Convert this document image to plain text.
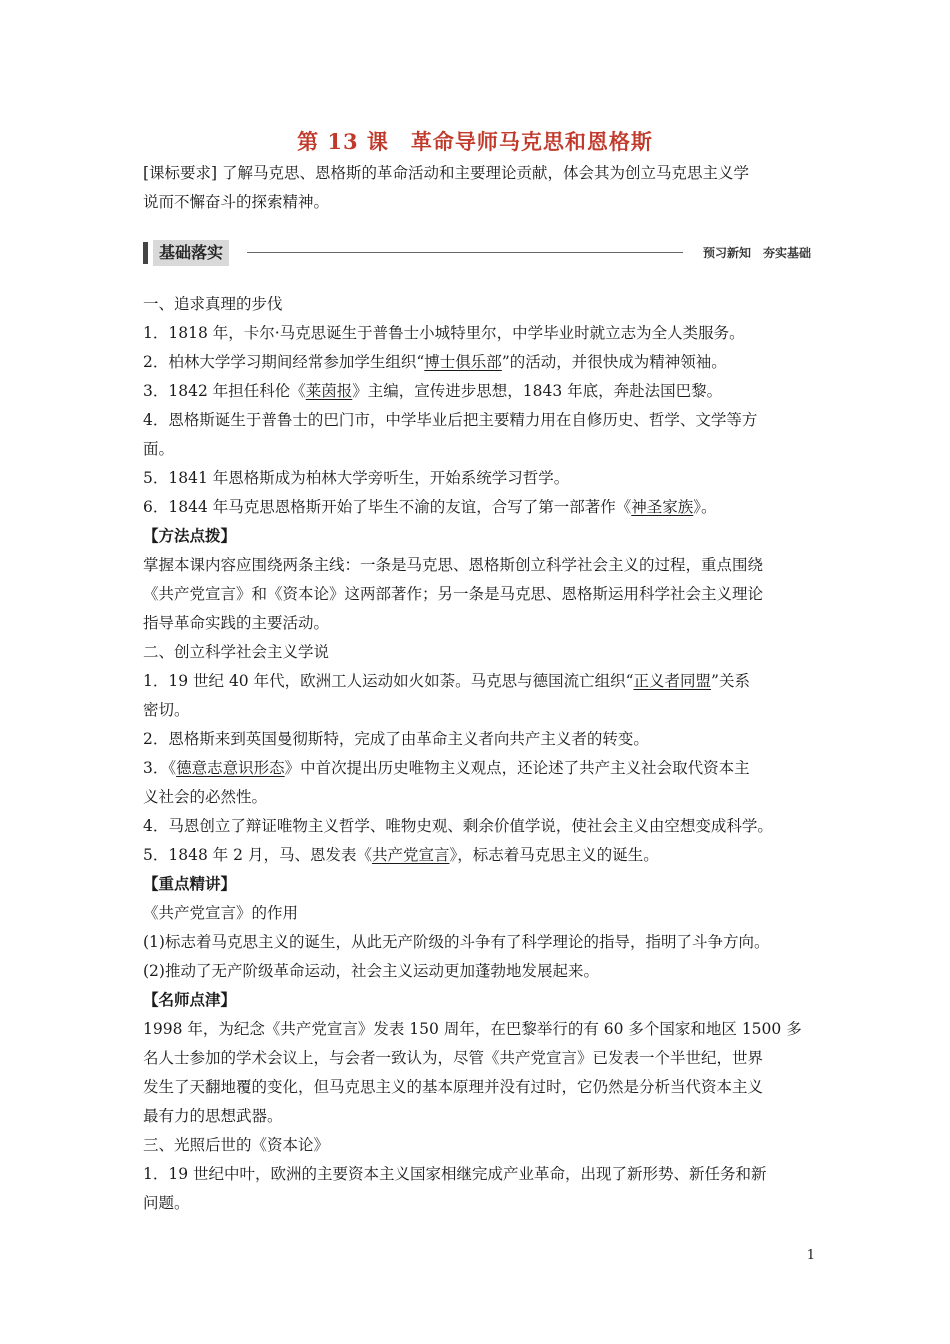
第 13 课　革命导师马克思和恩格斯
[课标要求] 了解马克思、恩格斯的革命活动和主要理论贡献，体会其为创立马克思主义学
说而不懈奋斗的探索精神。
基础落实	预习新知　夯实基础
一、追求真理的步伐
1．1818 年，卡尔·马克思诞生于普鲁士小城特里尔，中学毕业时就立志为全人类服务。
2．柏林大学学习期间经常参加学生组织“博士俱乐部”的活动，并很快成为精神领袖。
3．1842 年担任科伦《莱茵报》主编，宣传进步思想，1843 年底，奔赴法国巴黎。
4．恩格斯诞生于普鲁士的巴门市，中学毕业后把主要精力用在自修历史、哲学、文学等方
面。
5．1841 年恩格斯成为柏林大学旁听生，开始系统学习哲学。
6．1844 年马克思恩格斯开始了毕生不渝的友谊，合写了第一部著作《神圣家族》。
【方法点拨】
掌握本课内容应围绕两条主线：一条是马克思、恩格斯创立科学社会主义的过程，重点围绕
《共产党宣言》和《资本论》这两部著作；另一条是马克思、恩格斯运用科学社会主义理论
指导革命实践的主要活动。
二、创立科学社会主义学说
1．19 世纪 40 年代，欧洲工人运动如火如荼。马克思与德国流亡组织“正义者同盟”关系
密切。
2．恩格斯来到英国曼彻斯特，完成了由革命主义者向共产主义者的转变。
3．《德意志意识形态》中首次提出历史唯物主义观点，还论述了共产主义社会取代资本主
义社会的必然性。
4．马恩创立了辩证唯物主义哲学、唯物史观、剩余价值学说，使社会主义由空想变成科学。
5．1848 年 2 月，马、恩发表《共产党宣言》，标志着马克思主义的诞生。
【重点精讲】
《共产党宣言》的作用
(1)标志着马克思主义的诞生，从此无产阶级的斗争有了科学理论的指导，指明了斗争方向。
(2)推动了无产阶级革命运动，社会主义运动更加蓬勃地发展起来。
【名师点津】
1998 年，为纪念《共产党宣言》发表 150 周年，在巴黎举行的有 60 多个国家和地区 1500 多
名人士参加的学术会议上，与会者一致认为，尽管《共产党宣言》已发表一个半世纪，世界
发生了天翻地覆的变化，但马克思主义的基本原理并没有过时，它仍然是分析当代资本主义
最有力的思想武器。
三、光照后世的《资本论》
1．19 世纪中叶，欧洲的主要资本主义国家相继完成产业革命，出现了新形势、新任务和新
问题。
1
